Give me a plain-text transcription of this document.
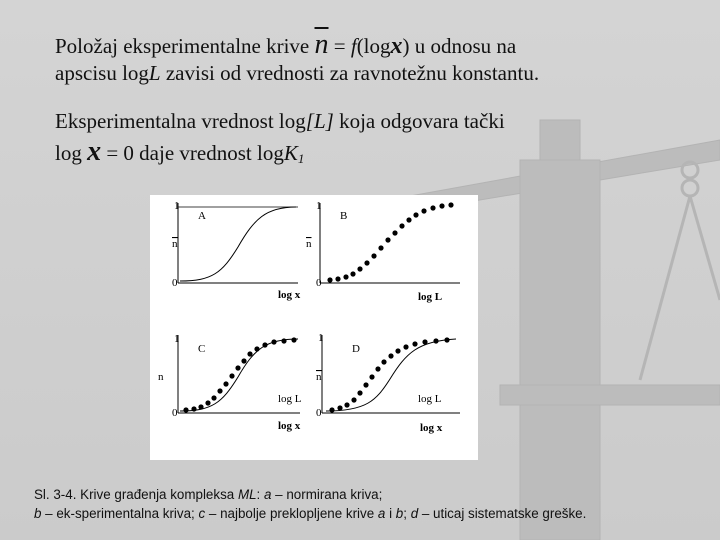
Položaj eksperimentalne krive $\overline{n} = f(\log x)$ u odnosu na
apscisu logL zavisi od vrednosti za ravnotežnu konstantu.
Eksperimentalna vrednost log[L] koja odgovara tački
log x = 0 daje vrednost logK$_1$
1
n
0
A
log x
1
n
0
B
log L
1
n
0
C
log L
log x
1
n
0
D
log L
log x
Sl. 3-4. Krive građenja kompleksa ML: a – normirana kriva;
b – ek-sperimentalna kriva; c – najbolje preklopljene krive a i b; d – uticaj sistematske greške.
